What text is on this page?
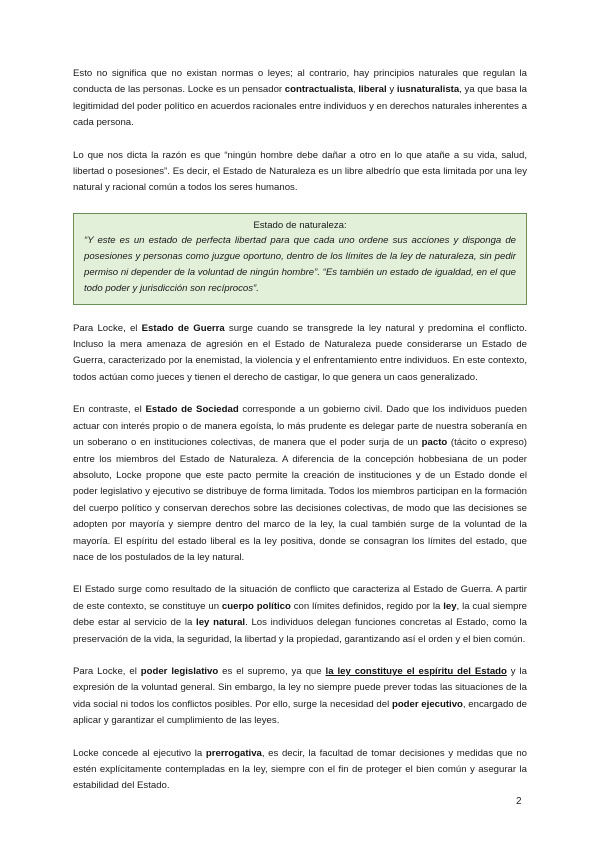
Esto no significa que no existan normas o leyes; al contrario, hay principios naturales que regulan la conducta de las personas. Locke es un pensador contractualista, liberal y iusnaturalista, ya que basa la legitimidad del poder político en acuerdos racionales entre individuos y en derechos naturales inherentes a cada persona.

Lo que nos dicta la razón es que “ningún hombre debe dañar a otro en lo que atañe a su vida, salud, libertad o posesiones”. Es decir, el Estado de Naturaleza es un libre albedrío que esta limitada por una ley natural y racional común a todos los seres humanos.

Estado de naturaleza:

“Y este es un estado de perfecta libertad para que cada uno ordene sus acciones y disponga de posesiones y personas como juzgue oportuno, dentro de los límites de la ley de naturaleza, sin pedir permiso ni depender de la voluntad de ningún hombre”. “Es también un estado de igualdad, en el que todo poder y jurisdicción son recíprocos”.

Para Locke, el Estado de Guerra surge cuando se transgrede la ley natural y predomina el conflicto. Incluso la mera amenaza de agresión en el Estado de Naturaleza puede considerarse un Estado de Guerra, caracterizado por la enemistad, la violencia y el enfrentamiento entre individuos. En este contexto, todos actúan como jueces y tienen el derecho de castigar, lo que genera un caos generalizado.

En contraste, el Estado de Sociedad corresponde a un gobierno civil. Dado que los individuos pueden actuar con interés propio o de manera egoísta, lo más prudente es delegar parte de nuestra soberanía en un soberano o en instituciones colectivas, de manera que el poder surja de un pacto (tácito o expreso) entre los miembros del Estado de Naturaleza. A diferencia de la concepción hobbesiana de un poder absoluto, Locke propone que este pacto permite la creación de instituciones y de un Estado donde el poder legislativo y ejecutivo se distribuye de forma limitada. Todos los miembros participan en la formación del cuerpo político y conservan derechos sobre las decisiones colectivas, de modo que las decisiones se adopten por mayoría y siempre dentro del marco de la ley, la cual también surge de la voluntad de la mayoría. El espíritu del estado liberal es la ley positiva, donde se consagran los límites del estado, que nace de los postulados de la ley natural.

El Estado surge como resultado de la situación de conflicto que caracteriza al Estado de Guerra. A partir de este contexto, se constituye un cuerpo político con límites definidos, regido por la ley, la cual siempre debe estar al servicio de la ley natural. Los individuos delegan funciones concretas al Estado, como la preservación de la vida, la seguridad, la libertad y la propiedad, garantizando así el orden y el bien común.

Para Locke, el poder legislativo es el supremo, ya que la ley constituye el espíritu del Estado y la expresión de la voluntad general. Sin embargo, la ley no siempre puede prever todas las situaciones de la vida social ni todos los conflictos posibles. Por ello, surge la necesidad del poder ejecutivo, encargado de aplicar y garantizar el cumplimiento de las leyes.

Locke concede al ejecutivo la prerrogativa, es decir, la facultad de tomar decisiones y medidas que no estén explícitamente contempladas en la ley, siempre con el fin de proteger el bien común y asegurar la estabilidad del Estado.

2
